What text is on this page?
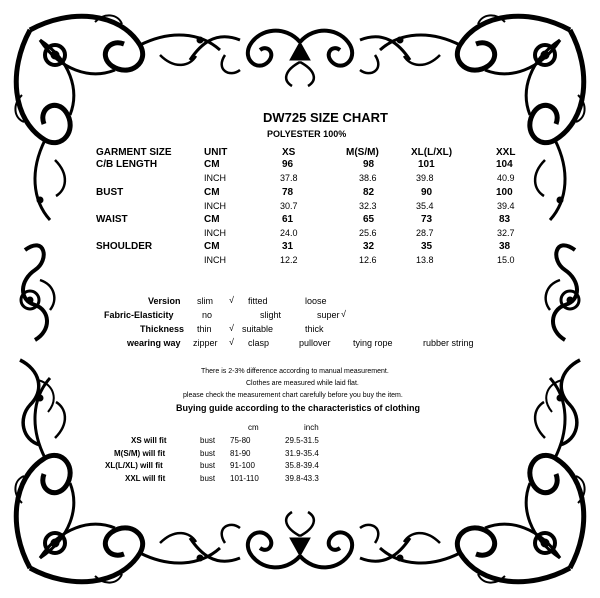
DW725 SIZE CHART
POLYESTER 100%
GARMENT SIZE	UNIT	XS	M(S/M)	XL(L/XL)	XXL
C/B LENGTH	CM	96	98	101	104
INCH	37.8	38.6	39.8	40.9
BUST	CM	78	82	90	100
INCH	30.7	32.3	35.4	39.4
WAIST	CM	61	65	73	83
INCH	24.0	25.6	28.7	32.7
SHOULDER	CM	31	32	35	38
INCH	12.2	12.6	13.8	15.0
Version slim √ fitted	loose
Fabric-Elasticity	no	slight	super √
Thickness thin √ suitable	thick
wearing way zipper √ clasp	pullover tying rope	rubber string
There is 2-3% difference according to manual measurement.
Clothes are measured while laid flat.
please check the measurement chart carefully before you buy the item.
Buying guide according to the characteristics of clothing
cm	inch
XS will fit	bust 75-80	29.5-31.5
M(S/M) will fit	bust 81-90	31.9-35.4
XL(L/XL) will fit	bust 91-100	35.8-39.4
XXL will fit	bust 101-110	39.8-43.3
